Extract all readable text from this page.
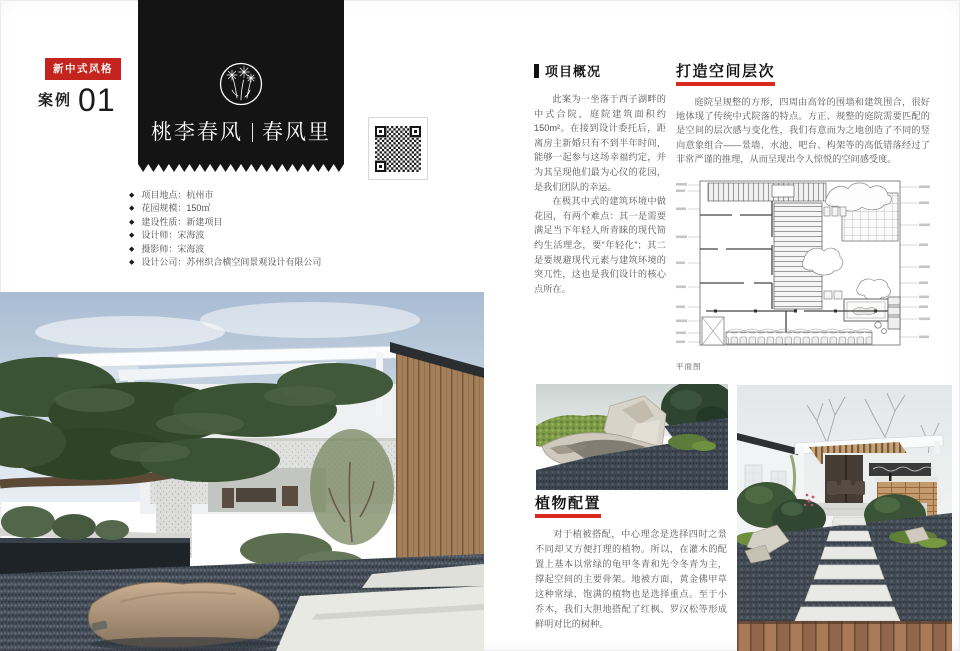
新中式风格
案例 01
桃李春风 春风里
◆ 项目地点：杭州市
◆ 花园规模：150㎡
◆ 建设性质：新建项目
◆ 设计师：宋海波
◆ 摄影师：宋海波
◆ 设计公司：苏州织合横空间景观设计有限公司
项目概况

此案为一坐落于西子湖畔的中式合院，庭院建筑面积约150m²。在接到设计委托后，距离房主新婚只有不到半年时间，能够一起参与这场幸福约定，并为其呈现他们最为心仪的花园，是我们团队的幸运。

在极其中式的建筑环境中做花园，有两个难点：其一是需要满足当下年轻人所青睐的现代简约生活理念，要“年轻化”；其二是要规避现代元素与建筑环境的突兀性，这也是我们设计的核心点所在。

打造空间层次

庭院呈规整的方形，四周由高耸的围墙和建筑围合，很好地体现了传统中式院落的特点。方正、规整的庭院需要匹配的是空间的层次感与变化性，我们有意而为之地创造了不同的竖向意象组合——景墙、水池、吧台、构架等的高低错落经过了非常严谨的推理，从而呈现出令人惊悦的空间感受度。

平面图
植物配置

对于植被搭配，中心理念是选择四时之景不同却又方便打理的植物。所以，在灌木的配置上基本以常绿的龟甲冬青和先令冬青为主，撑起空间的主要骨架。地被方面，黄金佛甲草这种常绿、饱满的植物也是选择重点。至于小乔木，我们大胆地搭配了红枫、罗汉松等形成鲜明对比的树种。
